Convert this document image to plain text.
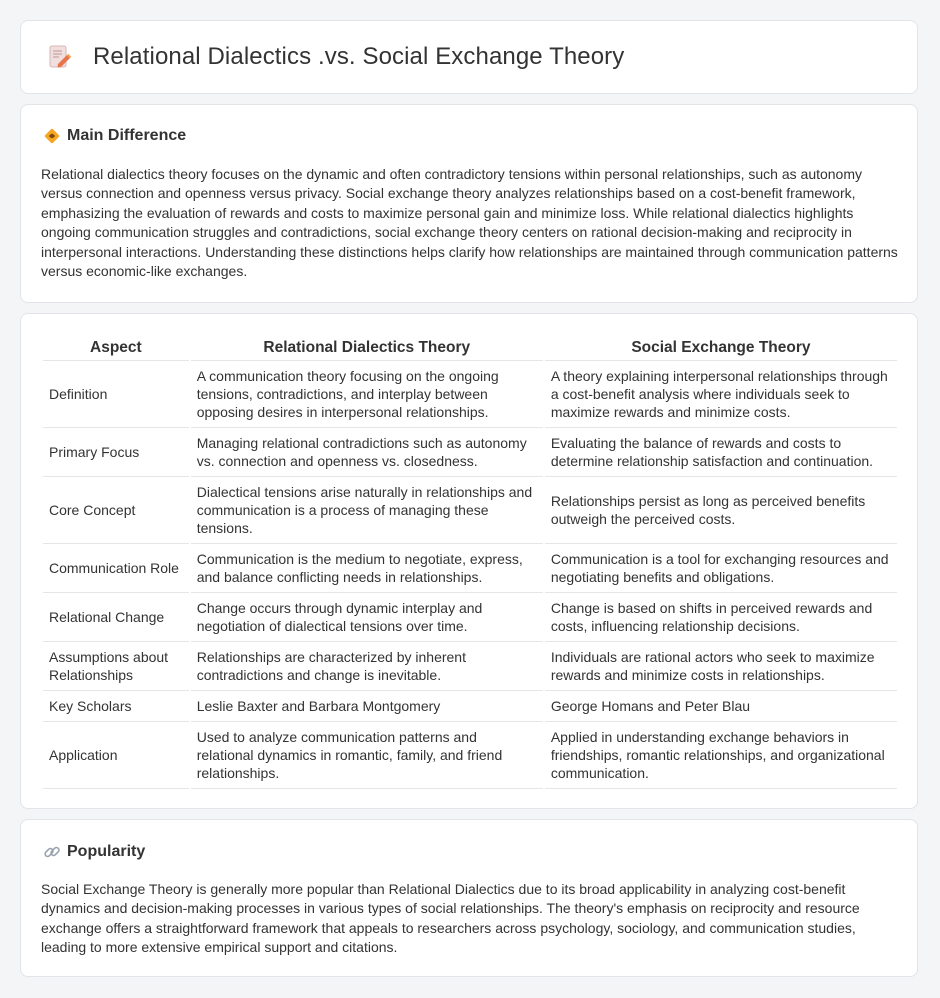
Relational Dialectics .vs. Social Exchange Theory
Main Difference
Relational dialectics theory focuses on the dynamic and often contradictory tensions within personal relationships, such as autonomy versus connection and openness versus privacy. Social exchange theory analyzes relationships based on a cost-benefit framework, emphasizing the evaluation of rewards and costs to maximize personal gain and minimize loss. While relational dialectics highlights ongoing communication struggles and contradictions, social exchange theory centers on rational decision-making and reciprocity in interpersonal interactions. Understanding these distinctions helps clarify how relationships are maintained through communication patterns versus economic-like exchanges.
Aspect	Relational Dialectics Theory	Social Exchange Theory
Definition	A communication theory focusing on the ongoing tensions, contradictions, and interplay between opposing desires in interpersonal relationships.	A theory explaining interpersonal relationships through a cost-benefit analysis where individuals seek to maximize rewards and minimize costs.
Primary Focus	Managing relational contradictions such as autonomy vs. connection and openness vs. closedness.	Evaluating the balance of rewards and costs to determine relationship satisfaction and continuation.
Core Concept	Dialectical tensions arise naturally in relationships and communication is a process of managing these tensions.	Relationships persist as long as perceived benefits outweigh the perceived costs.
Communication Role	Communication is the medium to negotiate, express, and balance conflicting needs in relationships.	Communication is a tool for exchanging resources and negotiating benefits and obligations.
Relational Change	Change occurs through dynamic interplay and negotiation of dialectical tensions over time.	Change is based on shifts in perceived rewards and costs, influencing relationship decisions.
Assumptions about Relationships	Relationships are characterized by inherent contradictions and change is inevitable.	Individuals are rational actors who seek to maximize rewards and minimize costs in relationships.
Key Scholars	Leslie Baxter and Barbara Montgomery	George Homans and Peter Blau
Application	Used to analyze communication patterns and relational dynamics in romantic, family, and friend relationships.	Applied in understanding exchange behaviors in friendships, romantic relationships, and organizational communication.
Popularity
Social Exchange Theory is generally more popular than Relational Dialectics due to its broad applicability in analyzing cost-benefit dynamics and decision-making processes in various types of social relationships. The theory's emphasis on reciprocity and resource exchange offers a straightforward framework that appeals to researchers across psychology, sociology, and communication studies, leading to more extensive empirical support and citations.
